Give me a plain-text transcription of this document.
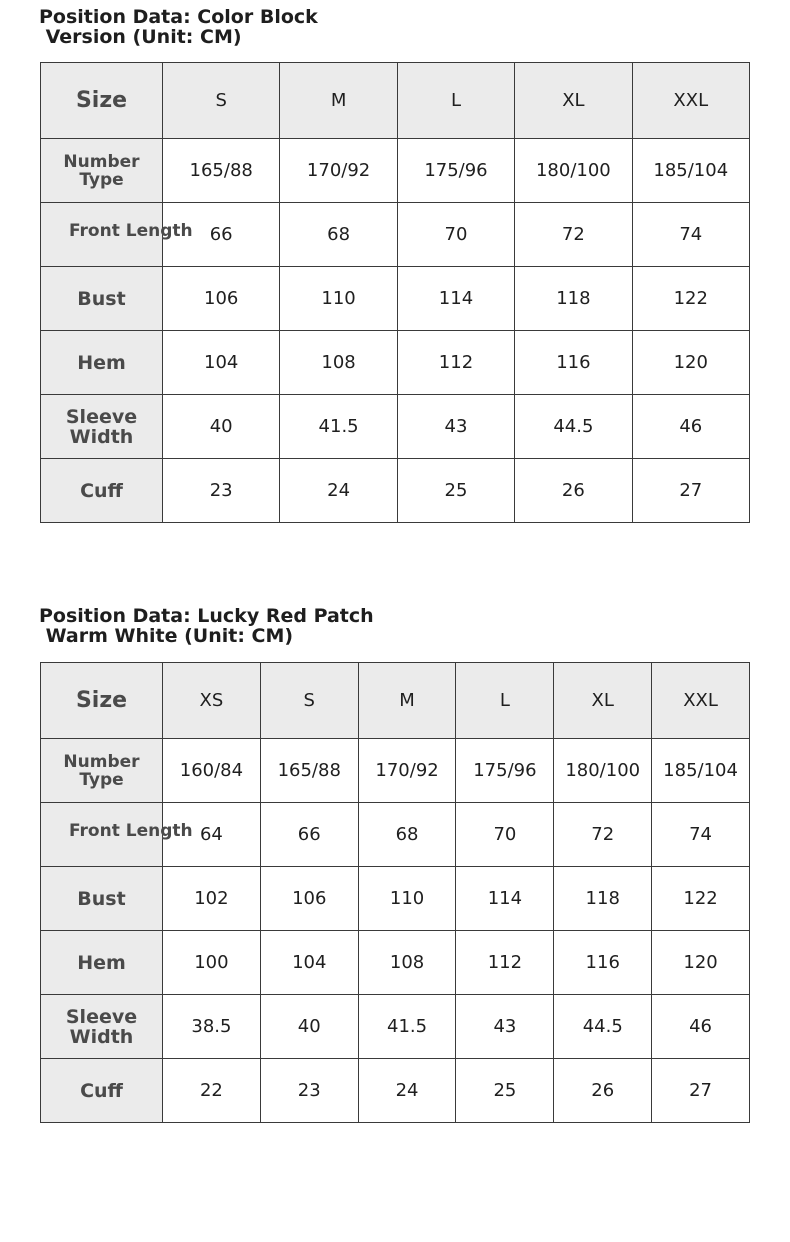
Position Data: Color Block
Version (Unit: CM)
Size	S	M	L	XL	XXL
Number
Type	165/88	170/92	175/96	180/100	185/104
Front Length	66	68	70	72	74
Bust	106	110	114	118	122
Hem	104	108	112	116	120
Sleeve
Width	40	41.5	43	44.5	46
Cuff	23	24	25	26	27
Position Data: Lucky Red Patch
Warm White (Unit: CM)
Size	XS	S	M	L	XL	XXL
Number
Type	160/84	165/88	170/92	175/96	180/100	185/104
Front Length	64	66	68	70	72	74
Bust	102	106	110	114	118	122
Hem	100	104	108	112	116	120
Sleeve
Width	38.5	40	41.5	43	44.5	46
Cuff	22	23	24	25	26	27
